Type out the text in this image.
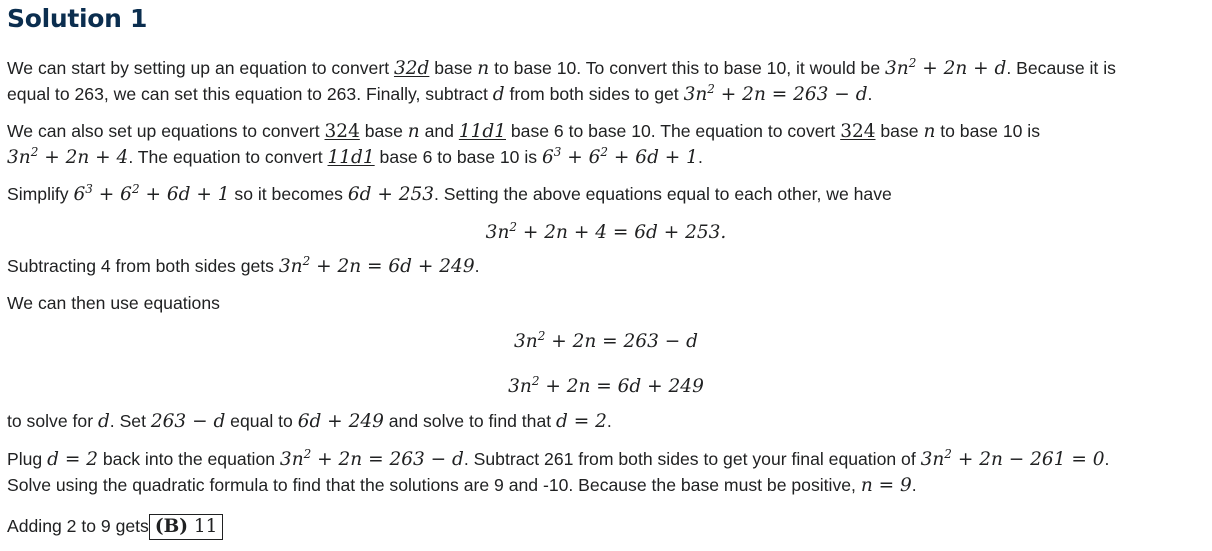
Solution 1

We can start by setting up an equation to convert 32d base n to base 10. To convert this to base 10, it would be $3n^2 + 2n + d$. Because it is

equal to 263, we can set this equation to 263. Finally, subtract d from both sides to get $3n^2 + 2n = 263 - d$.

We can also set up equations to convert 324 base n and 11d1 base 6 to base 10. The equation to covert 324 base n to base 10 is

$3n^2 + 2n + 4$. The equation to convert 11d1 base 6 to base 10 is $6^3 + 6^2 + 6d + 1$.

Simplify $6^3 + 6^2 + 6d + 1$ so it becomes 6d + 253. Setting the above equations equal to each other, we have

$3n^2 + 2n + 4 = 6d + 253$.

Subtracting 4 from both sides gets $3n^2 + 2n = 6d + 249$.

We can then use equations

$3n^2 + 2n = 263 - d$
$3n^2 + 2n = 6d + 249$

to solve for d. Set 263 − d equal to 6d + 249 and solve to find that d = 2.

Plug d = 2 back into the equation $3n^2 + 2n = 263 - d$. Subtract 261 from both sides to get your final equation of $3n^2 + 2n - 261 = 0$.

Solve using the quadratic formula to find that the solutions are 9 and -10. Because the base must be positive, n = 9.

Adding 2 to 9 gets (B) 11
